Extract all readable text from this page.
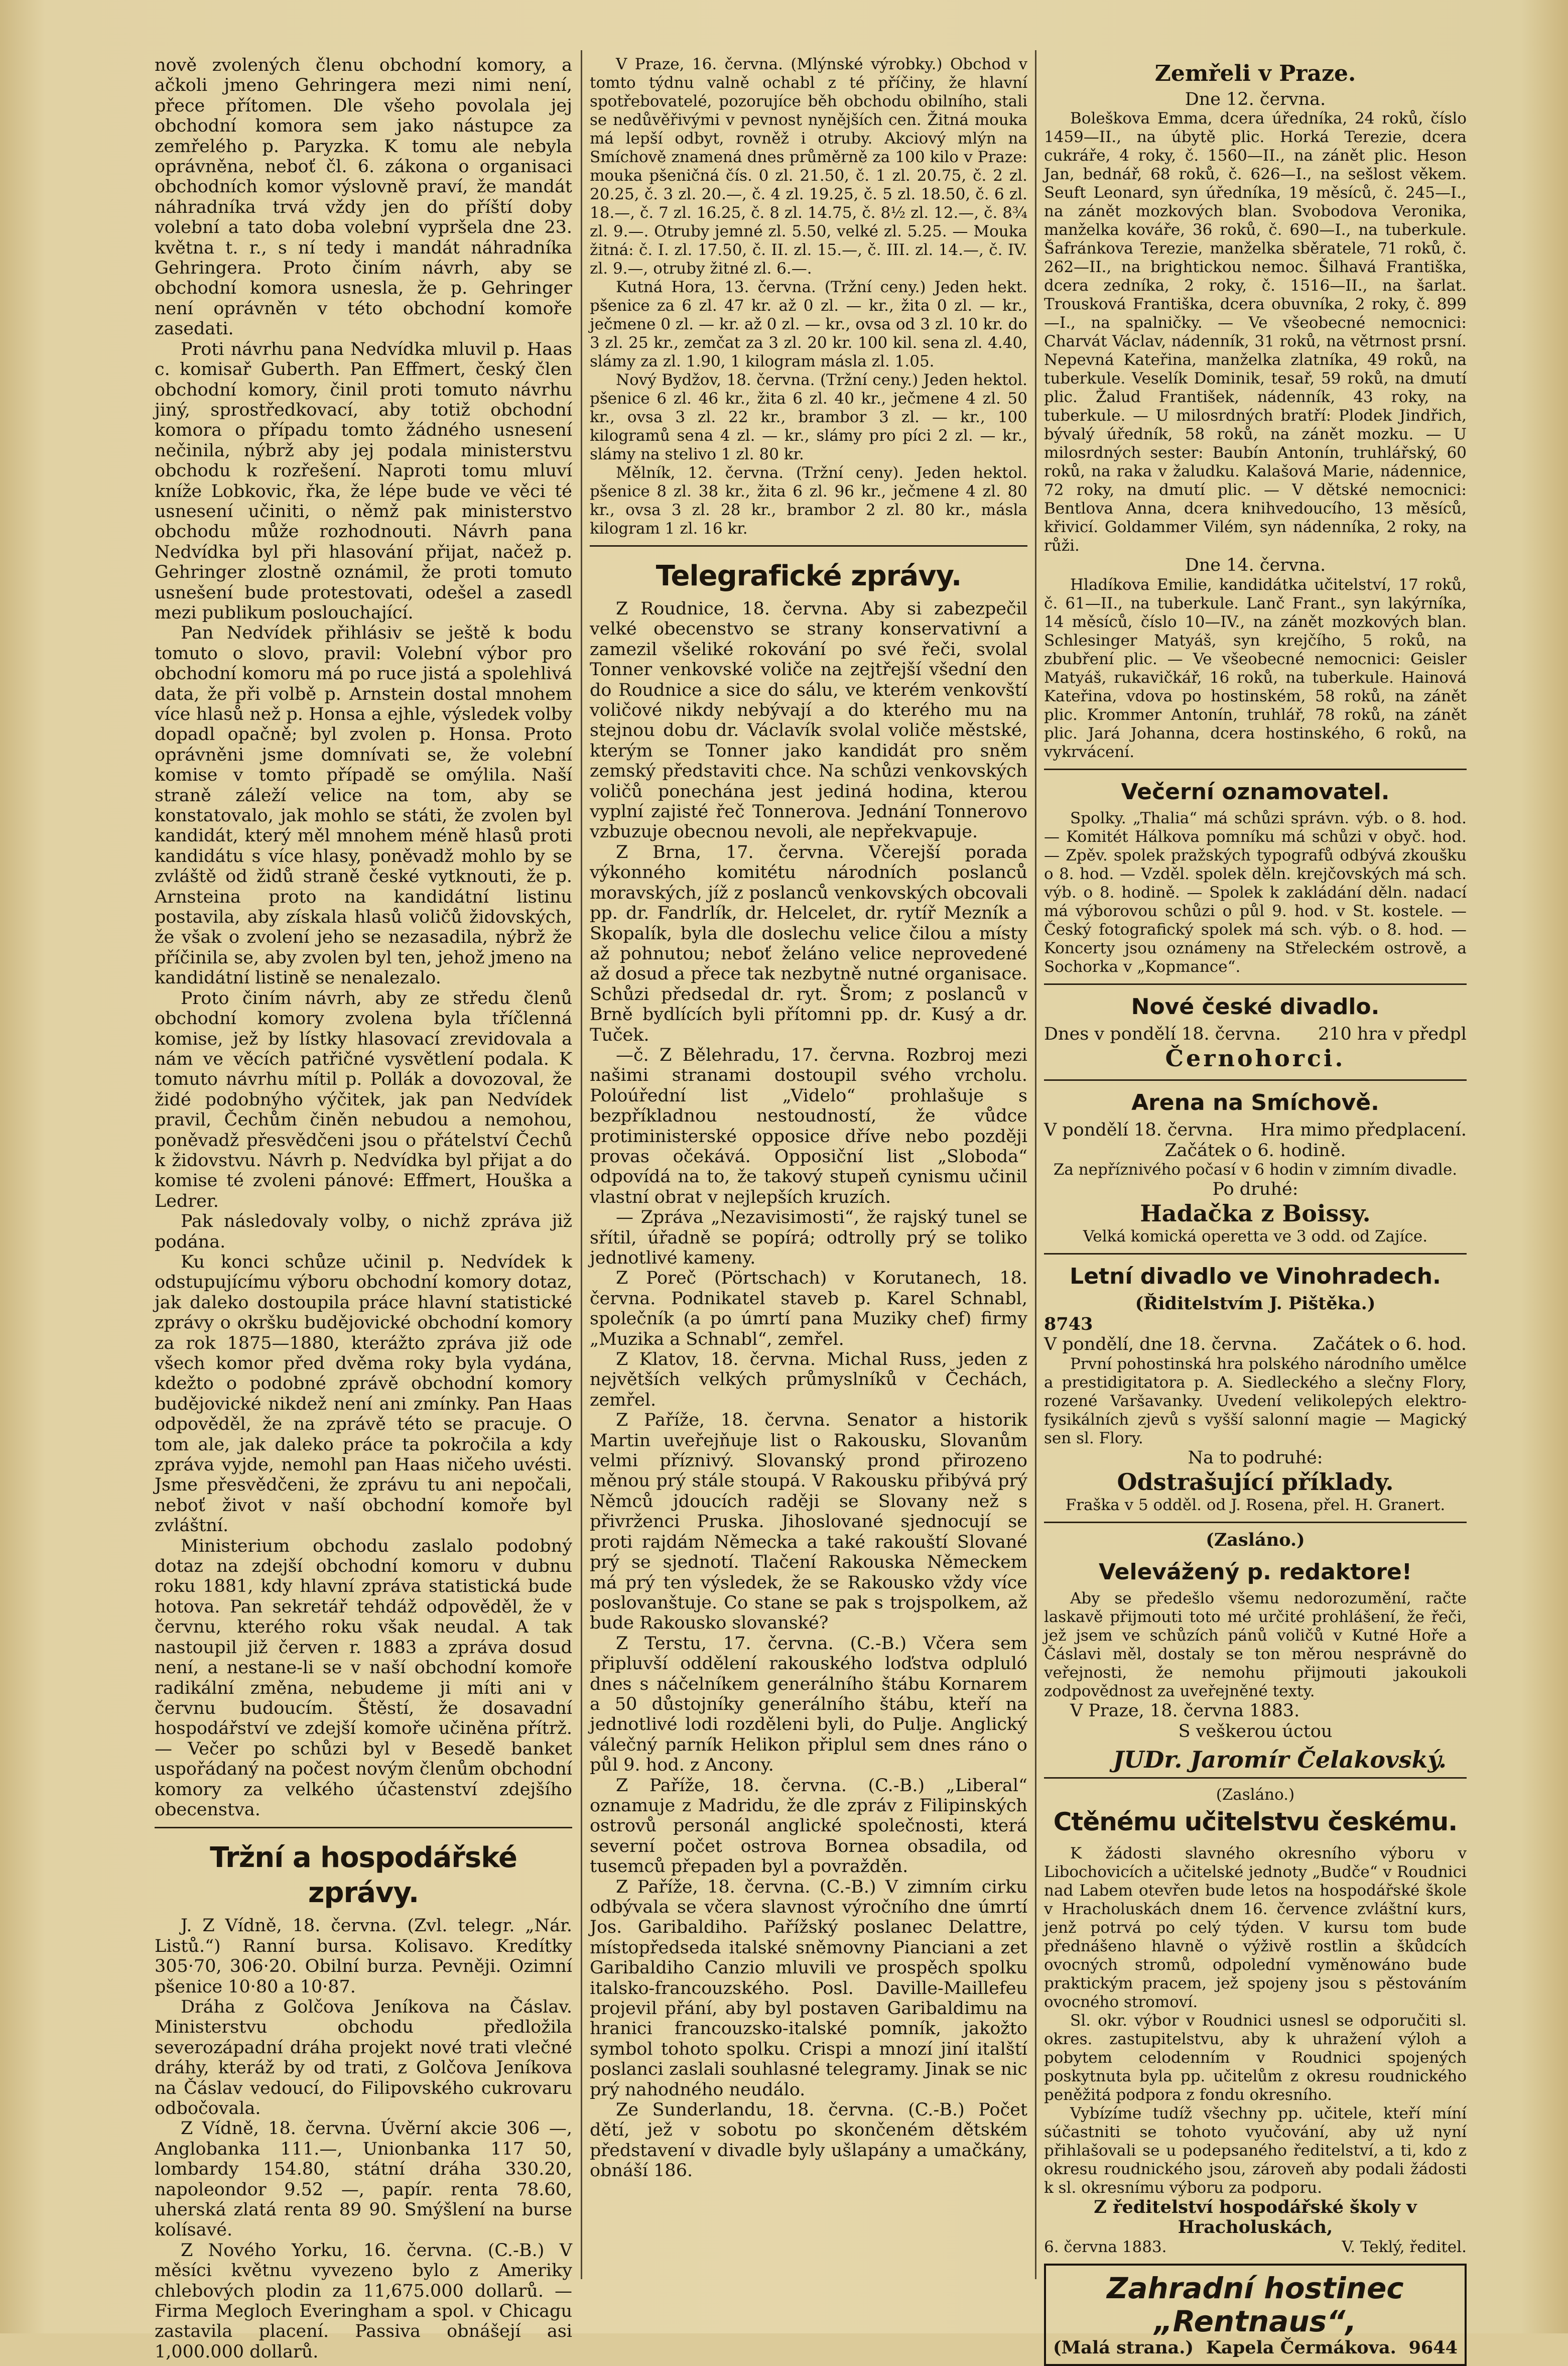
nově zvolených členu obchodní komory, a ačkoli jmeno Gehringera mezi nimi není, přece přítomen. Dle všeho povolala jej obchodní komora sem jako nástupce za zemřelého p. Paryzka. K tomu ale nebyla oprávněna, neboť čl. 6. zákona o organisaci obchodních komor výslovně praví, že mandát náhradníka trvá vždy jen do příští doby volební a tato doba volební vypršela dne 23. května t. r., s ní tedy i mandát náhradníka Gehringera. Proto činím návrh, aby se obchodní komora usnesla, že p. Gehringer není oprávněn v této obchodní komoře zasedati.

Proti návrhu pana Nedvídka mluvil p. Haas c. komisař Guberth. Pan Effmert, český člen obchodní komory, činil proti tomuto návrhu jiný, sprostředkovací, aby totiž obchodní komora o případu tomto žádného usnesení nečinila, nýbrž aby jej podala ministerstvu obchodu k rozřešení. Naproti tomu mluví kníže Lobkovic, řka, že lépe bude ve věci té usnesení učiniti, o němž pak ministerstvo obchodu může rozhodnouti. Návrh pana Nedvídka byl při hlasování přijat, načež p. Gehringer zlostně oznámil, že proti tomuto usnešení bude protestovati, odešel a zasedl mezi publikum poslouchající.

Pan Nedvídek přihlásiv se ještě k bodu tomuto o slovo, pravil: Volební výbor pro obchodní komoru má po ruce jistá a spolehlivá data, že při volbě p. Arnstein dostal mnohem více hlasů než p. Honsa a ejhle, výsledek volby dopadl opačně; byl zvolen p. Honsa. Proto oprávněni jsme domnívati se, že volební komise v tomto případě se omýlila. Naší straně záleží velice na tom, aby se konstatovalo, jak mohlo se státi, že zvolen byl kandidát, který měl mnohem méně hlasů proti kandidátu s více hlasy, poněvadž mohlo by se zvláště od židů straně české vytknouti, že p. Arnsteina proto na kandidátní listinu postavila, aby získala hlasů voličů židovských, že však o zvolení jeho se nezasadila, nýbrž že příčinila se, aby zvolen byl ten, jehož jmeno na kandidátní listině se nenalezalo.

Proto činím návrh, aby ze středu členů obchodní komory zvolena byla tříčlenná komise, jež by lístky hlasovací zrevidovala a nám ve věcích patřičné vysvětlení podala. K tomuto návrhu mítil p. Pollák a dovozoval, že židé podobnýho výčitek, jak pan Nedvídek pravil, Čechům činěn nebudou a nemohou, poněvadž přesvědčeni jsou o přátelství Čechů k židovstvu. Návrh p. Nedvídka byl přijat a do komise té zvoleni pánové: Effmert, Houška a Ledrer.

Pak následovaly volby, o nichž zpráva již podána.

Ku konci schůze učinil p. Nedvídek k odstupujícímu výboru obchodní komory dotaz, jak daleko dostoupila práce hlavní statistické zprávy o okršku budějovické obchodní komory za rok 1875—1880, kterážto zpráva již ode všech komor před dvěma roky byla vydána, kdežto o podobné zprávě obchodní komory budějovické nikdež není ani zmínky. Pan Haas odpověděl, že na zprávě této se pracuje. O tom ale, jak daleko práce ta pokročila a kdy zpráva vyjde, nemohl pan Haas ničeho uvésti. Jsme přesvědčeni, že zprávu tu ani nepočali, neboť život v naší obchodní komoře byl zvláštní.

Ministerium obchodu zaslalo podobný dotaz na zdejší obchodní komoru v dubnu roku 1881, kdy hlavní zpráva statistická bude hotova. Pan sekretář tehdáž odpověděl, že v červnu, kterého roku však neudal. A tak nastoupil již červen r. 1883 a zpráva dosud není, a nestane-li se v naší obchodní komoře radikální změna, nebudeme ji míti ani v červnu budoucím. Štěstí, že dosavadní hospodářství ve zdejší komoře učiněna přítrž. — Večer po schůzi byl v Besedě banket uspořádaný na počest novým členům obchodní komory za velkého účastenství zdejšího obecenstva.

Tržní a hospodářské zprávy.

J. Z Vídně, 18. června. (Zvl. telegr. „Nár. Listů.“) Ranní bursa. Kolisavo. Kredítky 305·70, 306·20. Obilní burza. Pevněji. Ozimní pšenice 10·80 a 10·87.

Dráha z Golčova Jeníkova na Čáslav. Ministerstvu obchodu předložila severozápadní dráha projekt nové trati vlečné dráhy, kteráž by od trati, z Golčova Jeníkova na Čáslav vedoucí, do Filipovského cukrovaru odbočovala.

Z Vídně, 18. června. Úvěrní akcie 306 —, Anglobanka 111.—, Unionbanka 117 50, lombardy 154.80, státní dráha 330.20, napoleondor 9.52 —, papír. renta 78.60, uherská zlatá renta 89 90. Smýšlení na burse kolísavé.

Z Nového Yorku, 16. června. (C.-B.) V měsíci květnu vyvezeno bylo z Ameriky chlebových plodin za 11,675.000 dollarů. — Firma Megloch Everingham a spol. v Chicagu zastavila placení. Passiva obnášejí asi 1,000.000 dollarů.

V Praze, 16. června. (Mlýnské výrobky.) Obchod v tomto týdnu valně ochabl z té příčiny, že hlavní spotřebovatelé, pozorujíce běh obchodu obilního, stali se nedůvěřivými v pevnost nynějších cen. Žitná mouka má lepší odbyt, rovněž i otruby. Akciový mlýn na Smíchově znamená dnes průměrně za 100 kilo v Praze: mouka pšeničná čís. 0 zl. 21.50, č. 1 zl. 20.75, č. 2 zl. 20.25, č. 3 zl. 20.—, č. 4 zl. 19.25, č. 5 zl. 18.50, č. 6 zl. 18.—, č. 7 zl. 16.25, č. 8 zl. 14.75, č. 8½ zl. 12.—, č. 8¾ zl. 9.—. Otruby jemné zl. 5.50, velké zl. 5.25. — Mouka žitná: č. I. zl. 17.50, č. II. zl. 15.—, č. III. zl. 14.—, č. IV. zl. 9.—, otruby žitné zl. 6.—.

Kutná Hora, 13. června. (Tržní ceny.) Jeden hekt. pšenice za 6 zl. 47 kr. až 0 zl. — kr., žita 0 zl. — kr., ječmene 0 zl. — kr. až 0 zl. — kr., ovsa od 3 zl. 10 kr. do 3 zl. 25 kr., zemčat za 3 zl. 20 kr. 100 kil. sena zl. 4.40, slámy za zl. 1.90, 1 kilogram másla zl. 1.05.

Nový Bydžov, 18. června. (Tržní ceny.) Jeden hektol. pšenice 6 zl. 46 kr., žita 6 zl. 40 kr., ječmene 4 zl. 50 kr., ovsa 3 zl. 22 kr., brambor 3 zl. — kr., 100 kilogramů sena 4 zl. — kr., slámy pro píci 2 zl. — kr., slámy na stelivo 1 zl. 80 kr.

Mělník, 12. června. (Tržní ceny). Jeden hektol. pšenice 8 zl. 38 kr., žita 6 zl. 96 kr., ječmene 4 zl. 80 kr., ovsa 3 zl. 28 kr., brambor 2 zl. 80 kr., másla kilogram 1 zl. 16 kr.

Telegrafické zprávy.

Z Roudnice, 18. června. Aby si zabezpečil velké obecenstvo se strany konservativní a zamezil všeliké rokování po své řeči, svolal Tonner venkovské voliče na zejtřejší všední den do Roudnice a sice do sálu, ve kterém venkovští voličové nikdy nebývají a do kterého mu na stejnou dobu dr. Václavík svolal voliče městské, kterým se Tonner jako kandidát pro sněm zemský představiti chce. Na schůzi venkovských voličů ponechána jest jediná hodina, kterou vyplní zajisté řeč Tonnerova. Jednání Tonnerovo vzbuzuje obecnou nevoli, ale nepřekvapuje.

Z Brna, 17. června. Včerejší porada výkonného komitétu národních poslanců moravských, jíž z poslanců venkovských obcovali pp. dr. Fandrlík, dr. Helcelet, dr. rytíř Mezník a Skopalík, byla dle doslechu velice čilou a místy až pohnutou; neboť želáno velice neprovedené až dosud a přece tak nezbytně nutné organisace. Schůzi předsedal dr. ryt. Šrom; z poslanců v Brně bydlících byli přítomni pp. dr. Kusý a dr. Tuček.

—č. Z Bělehradu, 17. června. Rozbroj mezi našimi stranami dostoupil svého vrcholu. Poloúřední list „Videlo“ prohlašuje s bezpříkladnou nestoudností, že vůdce protiministerské opposice dříve nebo později provas očekává. Opposiční list „Sloboda“ odpovídá na to, že takový stupeň cynismu učinil vlastní obrat v nejlepších kruzích.

— Zpráva „Nezavisimosti“, že rajský tunel se sřítil, úřadně se popírá; odtrolly prý se toliko jednotlivé kameny.

Z Poreč (Pörtschach) v Korutanech, 18. června. Podnikatel staveb p. Karel Schnabl, společník (a po úmrtí pana Muziky chef) firmy „Muzika a Schnabl“, zemřel.

Z Klatov, 18. června. Michal Russ, jeden z největších velkých průmyslníků v Čechách, zemřel.

Z Paříže, 18. června. Senator a historik Martin uveřejňuje list o Rakousku, Slovanům velmi příznivý. Slovanský prond přirozeno měnou prý stále stoupá. V Rakousku přibývá prý Němců jdoucích raději se Slovany než s přivrženci Pruska. Jihoslované sjednocují se proti rajdám Německa a také rakouští Slované prý se sjednotí. Tlačení Rakouska Německem má prý ten výsledek, že se Rakousko vždy více poslovanštuje. Co stane se pak s trojspolkem, až bude Rakousko slovanské?

Z Terstu, 17. června. (C.-B.) Včera sem připluvší oddělení rakouského loďstva odpluló dnes s náčelníkem generálního štábu Kornarem a 50 důstojníky generálního štábu, kteří na jednotlivé lodi rozděleni byli, do Pulje. Anglický válečný parník Helikon připlul sem dnes ráno o půl 9. hod. z Ancony.

Z Paříže, 18. června. (C.-B.) „Liberal“ oznamuje z Madridu, že dle zpráv z Filipinských ostrovů personál anglické společnosti, která severní počet ostrova Bornea obsadila, od tusemců přepaden byl a povražděn.

Z Paříže, 18. června. (C.-B.) V zimním cirku odbývala se včera slavnost výročního dne úmrtí Jos. Garibaldiho. Pařížský poslanec Delattre, místopředseda italské sněmovny Pianciani a zet Garibaldiho Canzio mluvili ve prospěch spolku italsko-francouzského. Posl. Daville-Maillefeu projevil přání, aby byl postaven Garibaldimu na hranici francouzsko-italské pomník, jakožto symbol tohoto spolku. Crispi a mnozí jiní italští poslanci zaslali souhlasné telegramy. Jinak se nic prý nahodného neudálo.

Ze Sunderlandu, 18. června. (C.-B.) Počet dětí, jež v sobotu po skončeném dětském představení v divadle byly ušlapány a umačkány, obnáší 186.

Zemřeli v Praze.

Dne 12. června.

Boleškova Emma, dcera úředníka, 24 roků, číslo 1459—II., na úbytě plic. Horká Terezie, dcera cukráře, 4 roky, č. 1560—II., na zánět plic. Heson Jan, bednář, 68 roků, č. 626—I., na sešlost věkem. Seuft Leonard, syn úředníka, 19 měsíců, č. 245—I., na zánět mozkových blan. Svobodova Veronika, manželka kováře, 36 roků, č. 690—I., na tuberkule. Šafránkova Terezie, manželka sběratele, 71 roků, č. 262—II., na brightickou nemoc. Šilhavá Františka, dcera zedníka, 2 roky, č. 1516—II., na šarlat. Trousková Františka, dcera obuvníka, 2 roky, č. 899—I., na spalničky. — Ve všeobecné nemocnici: Charvát Václav, nádenník, 31 roků, na větrnost prsní. Nepevná Kateřina, manželka zlatníka, 49 roků, na tuberkule. Veselík Dominik, tesař, 59 roků, na dmutí plic. Žalud František, nádenník, 43 roky, na tuberkule. — U milosrdných bratří: Plodek Jindřich, bývalý úředník, 58 roků, na zánět mozku. — U milosrdných sester: Baubín Antonín, truhlářský, 60 roků, na raka v žaludku. Kalašová Marie, nádennice, 72 roky, na dmutí plic. — V dětské nemocnici: Bentlova Anna, dcera knihvedoucího, 13 měsíců, křivicí. Goldammer Vilém, syn nádenníka, 2 roky, na růži.

Dne 14. června.

Hladíkova Emilie, kandidátka učitelství, 17 roků, č. 61—II., na tuberkule. Lanč Frant., syn lakýrníka, 14 měsíců, číslo 10—IV., na zánět mozkových blan. Schlesinger Matyáš, syn krejčího, 5 roků, na zbubření plic. — Ve všeobecné nemocnici: Geisler Matyáš, rukavičkář, 16 roků, na tuberkule. Hainová Kateřina, vdova po hostinském, 58 roků, na zánět plic. Krommer Antonín, truhlář, 78 roků, na zánět plic. Jará Johanna, dcera hostinského, 6 roků, na vykrvácení.

Večerní oznamovatel.

Spolky. „Thalia“ má schůzi správn. výb. o 8. hod. — Komitét Hálkova pomníku má schůzi v obyč. hod. — Zpěv. spolek pražských typografů odbývá zkoušku o 8. hod. — Vzděl. spolek děln. krejčovských má sch. výb. o 8. hodině. — Spolek k zakládání děln. nadací má výborovou schůzi o půl 9. hod. v St. kostele. — Český fotografický spolek má sch. výb. o 8. hod. — Koncerty jsou oznámeny na Střeleckém ostrově, a Sochorka v „Kopmance“.

Nové české divadlo.
Dnes v pondělí 18. června. 210 hra v předpl

Černohorci.

Arena na Smíchově.
V pondělí 18. června. Hra mimo předplacení.

Začátek o 6. hodině.

Za nepříznivého počasí v 6 hodin v zimním divadle.

Po druhé:

Hadačka z Boissy.

Velká komická operetta ve 3 odd. od Zajíce.

Letní divadlo ve Vinohradech.

(Řiditelstvím J. Pištěka.)

8743

V pondělí, dne 18. června. Začátek o 6. hod.

První pohostinská hra polského národního umělce a prestidigitatora p. A. Siedleckého a slečny Flory, rozené Varšavanky. Uvedení velikolepých elektro-fysikálních zjevů s vyšší salonní magie — Magický sen sl. Flory.

Na to podruhé:

Odstrašující příklady.

Fraška v 5 odděl. od J. Rosena, přel. H. Granert.

(Zasláno.)

Velevážený p. redaktore!

Aby se předešlo všemu nedorozumění, račte laskavě přijmouti toto mé určité prohlášení, že řeči, jež jsem ve schůzích pánů voličů v Kutné Hoře a Čáslavi měl, dostaly se ton měrou nesprávně do veřejnosti, že nemohu přijmouti jakoukoli zodpovědnost za uveřejněné texty.

V Praze, 18. června 1883.

S veškerou úctou

JUDr. Jaromír Čelakovský.

(Zasláno.)

Ctěnému učitelstvu českému.

K žádosti slavného okresního výboru v Libochovicích a učitelské jednoty „Budče“ v Roudnici nad Labem otevřen bude letos na hospodářské škole v Hracholuskách dnem 16. července zvláštní kurs, jenž potrvá po celý týden. V kursu tom bude přednášeno hlavně o výživě rostlin a škůdcích ovocných stromů, odpolední vyměnowáno bude praktickým pracem, jež spojeny jsou s pěstováním ovocného stromoví.

Sl. okr. výbor v Roudnici usnesl se odporučiti sl. okres. zastupitelstvu, aby k uhražení výloh a pobytem celodenním v Roudnici spojených poskytnuta byla pp. učitelům z okresu roudnického peněžitá podpora z fondu okresního.

Vybízíme tudíž všechny pp. učitele, kteří míní súčastniti se tohoto vyučování, aby už nyní přihlašovali se u podepsaného ředitelství, a ti, kdo z okresu roudnického jsou, zároveň aby podali žádosti k sl. okresnímu výboru za podporu.

Z ředitelství hospodářské školy v Hracholuskách,

6. června 1883.	V. Teklý, ředitel.
Zahradní hostinec „Rentnaus“,
(Malá strana.) Kapela Čermákova. 9644
